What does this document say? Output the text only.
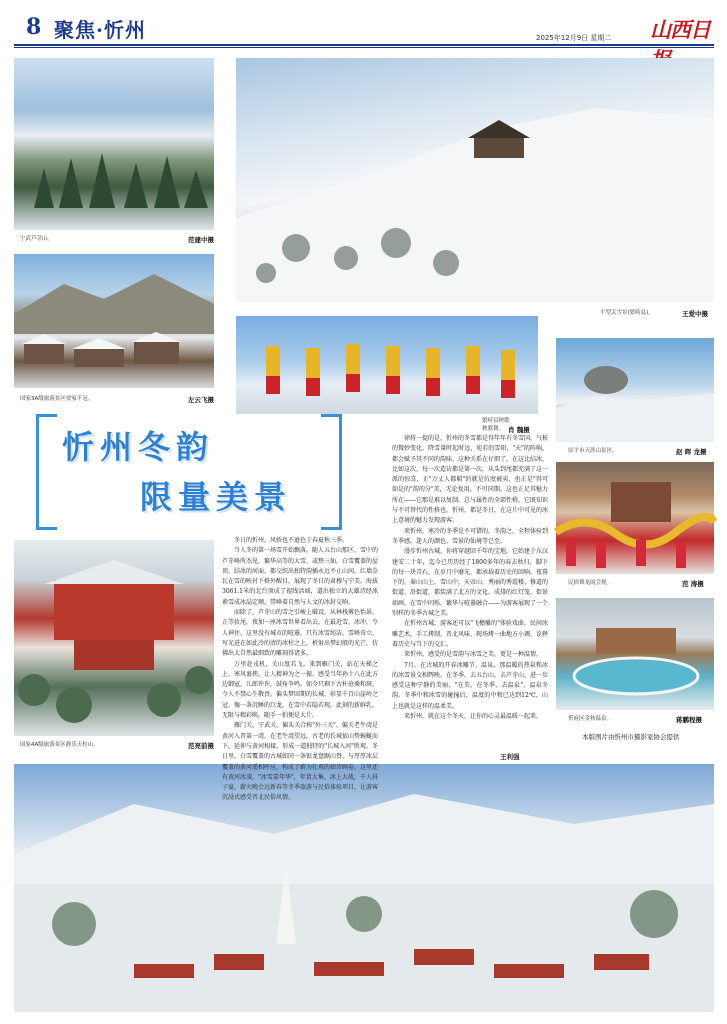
8 聚焦·忻州	2025年12月9日 星期二 山西日
宁武芦芽山。	范建中摄
平型关雪景(繁峙县)。	王爱中摄
国家3A级旅游景区贾家平冠。	左云飞摄
繁峙县秧歌
秧歌舞。 肖 魏摄
原平市天涯山景区。	赵 晖 龙摄
民俗舞龙闹会现。	范 涛摄
忻府区金秋温泉。	蒋鹏程摄
本版图片由忻州市摄影家协会提供
国家4A级旅游景区静乐天柱山。	范亮前摄
忻州冬韵
限量美景

冬日的忻州，风娇也不逊色于春夏秋三季。

当人冬的第一场雪开始飘落，随人五台山那区，雪中的芦芽峰所杰见，繁华高等的大雪，或整三仙，白雪覆盖的屋顶，结冰的河面，都交织出独特韵插永远不止山间，红墙金瓦在雪的映衬下格外醒目，展现了冬日的肃穆与宁美。海拔3061.1米的北台顶成了视线活域，道出独立的大雄诗经冰素雪成冰晶定额，带峰着自然与人文的冰封交响。

而除了，芦芽山的雪之引峻上破设，从林栈雾色怡景，正等妆尾，夜加一座冰雪世界看出去。在最近雪，冰冲，令人神往。这里没有城市的喧嚣，只有冰雪纯洁，雪峰奇立，写光进在如此冷的清的冰柱之上，析射出梦幻般的光芒，仿佛出大自然最细致的雕刻得诸多。

万里赴戎机，关山度若飞。来到雁门关，站在天梯之上，寒风裹挟、让人精神为之一振。感受当年孙十八在此方边御寇，儿郎许许，鼓角争鸣。如今只剩下古朴沧桑和斑，令人不禁心生敬畏。偏头梦回期的长城，彰显千百山崖岭之冠，像一条沉睡的巨龙，在雪中若隐若现，此刻的新鲜乳，无限与精彩唤，随手一拍便是大片。

雁门关、宁武关、偏头关合称"外三关"。偏关老牛湾是黄河入晋第一湾，在老牛湾望远，古老的长城依山势蜿蜒而下，延伸与黄河相接，形成一道独特的"长城入河"胜观。冬日里，白雪覆盖的古城如同一条银龙盘踞山脊，与厚厚冰层覆盖的黄河遥相呼应，构成了蔚为壮观的如诗画卷。这里还有黄河冰凌，"冰雪嘉年华"，年货大集、冰上大战，千人抖子宴，薪火晚会远新春等冬季旅游与民俗体验项目，让游客沉浸式感受晋北民俗风情。

徐将一提的是，忻州的冬雪都是得年年有冬雪国，气候的微妙变化，降雪量时起时远，宛若的雪阳，"天"的阵响，都会赋予其不同的韵味，这种关系在仔细了，在这比结冰，比如这次，每一次造访都是第一次，从头到尾都充满了这一派的惊喜，正"万丈人都羁"的就是仿度被卖，也正是"得可如是的"韵的分"美，无论复用，不可同期。这也正足其魅力所在——它那是难以复制，总与属性的全部性格，它既知识与不可替代的性格也。忻州，都是冬日，在这片中可见的冰上意境的魅力发现游客。

来忻州，寒冷的冬季是不可错的，冬韵之，全程体验到冬季感，迷人的颜色，雪景的仙境等已至。

漫步忻州古城，你将穿越回千年的宝地。它始建于东汉建安二十年，迄今已历历经了1800多年的春去秋归，脚下的每一块青石，在岁月中磨光，都承载着历史的回响。夜幕下的，秦山山上，雪山中，天帝山，秀丽的秀霞楼、修道的街道、沿街道，都装满了北方的文化，成排的红灯笼，街景如画，在雪中闪烁，繁华与喧嚣融合——为游客展现了一个别样的冬季古城之美。

在忻州古城，游客还可以"飞檐雕的"体验戏曲、民间冰雕艺术、手工烤制，晋北风味、现场烤一曲地方小调、诠释着历史与当下的交汇。

来忻州，感受的是雪韵与冰雪之美，更是一种温情。

7月，在古城的开春冰雕节，温泉，那温暖的热泉和冰的冰雪景交相辉映。在冬季，去五台山，去芦芽山，进一步感受这种宁静的美丽，"在美，在冬季，去温泉"，温泉冬韵。冬季中和冰雪的碰撞后，温度的中和已达到12℃，山上也就是这样的温柔美。

来忻州，就在这个冬天，让你的心灵最温暖一起来。

王利强
